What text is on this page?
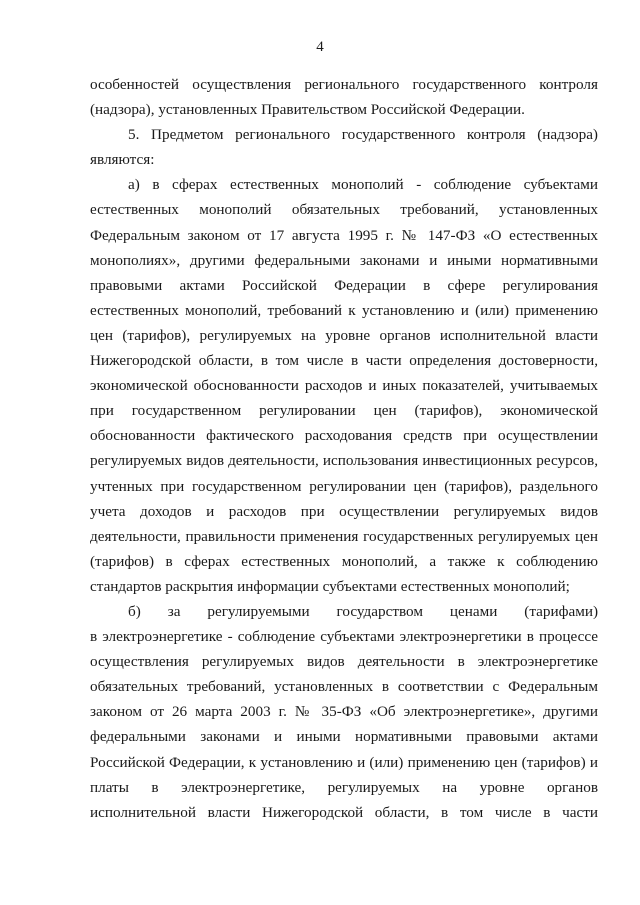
4
особенностей осуществления регионального государственного контроля
(надзора), установленных Правительством Российской Федерации.
5. Предметом регионального государственного контроля (надзора)
являются:
а) в сферах естественных монополий - соблюдение субъектами
естественных монополий обязательных требований, установленных
Федеральным законом от 17 августа 1995 г. № 147-ФЗ «О естественных
монополиях», другими федеральными законами и иными нормативными
правовыми актами Российской Федерации в сфере регулирования
естественных монополий, требований к установлению и (или) применению
цен (тарифов), регулируемых на уровне органов исполнительной власти
Нижегородской области, в том числе в части определения достоверности,
экономической обоснованности расходов и иных показателей, учитываемых
при государственном регулировании цен (тарифов), экономической
обоснованности фактического расходования средств при осуществлении
регулируемых видов деятельности, использования инвестиционных ресурсов,
учтенных при государственном регулировании цен (тарифов), раздельного
учета доходов и расходов при осуществлении регулируемых видов
деятельности, правильности применения государственных регулируемых цен
(тарифов) в сферах естественных монополий, а также к соблюдению
стандартов раскрытия информации субъектами естественных монополий;
б) за регулируемыми государством ценами (тарифами)
в электроэнергетике - соблюдение субъектами электроэнергетики в процессе
осуществления регулируемых видов деятельности в электроэнергетике
обязательных требований, установленных в соответствии с Федеральным
законом от 26 марта 2003 г. № 35-ФЗ «Об электроэнергетике», другими
федеральными законами и иными нормативными правовыми актами
Российской Федерации, к установлению и (или) применению цен (тарифов) и
платы в электроэнергетике, регулируемых на уровне органов
исполнительной власти Нижегородской области, в том числе в части
